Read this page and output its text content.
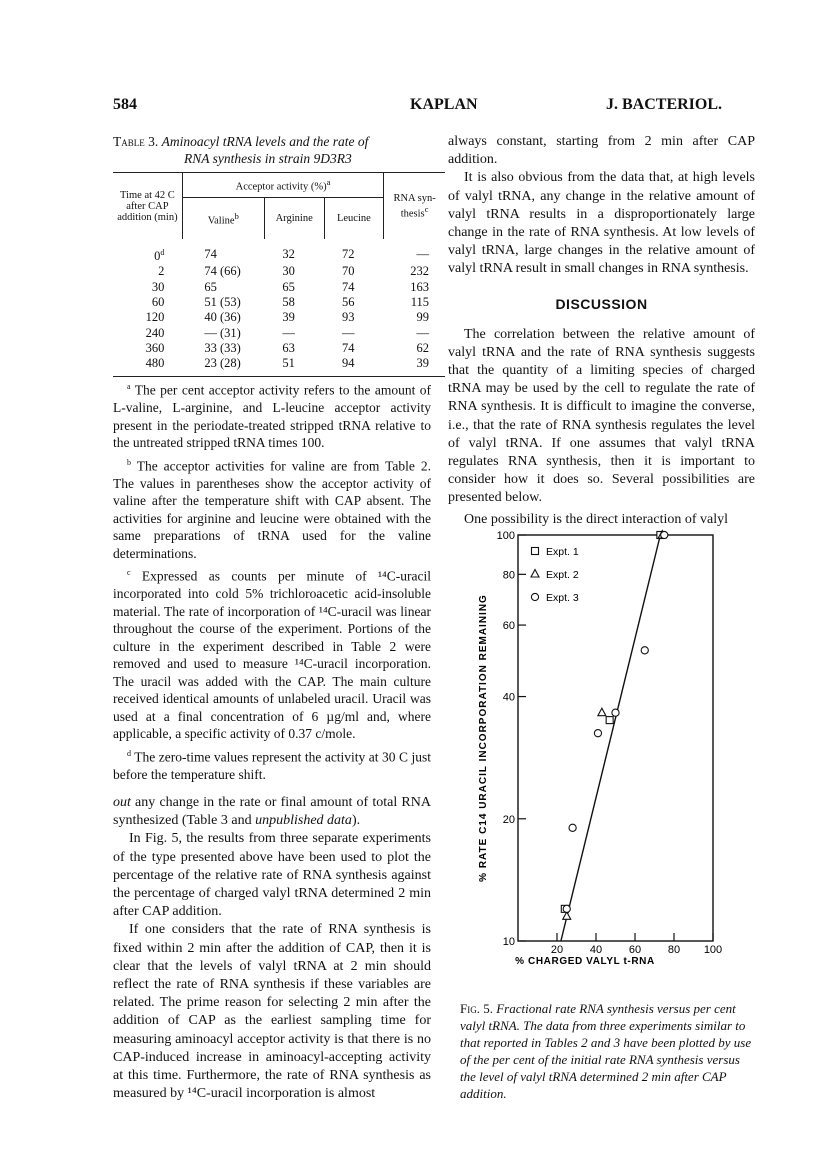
584	KAPLAN	J. BACTERIOL.
Table 3. Aminoacyl tRNA levels and the rate of
RNA synthesis in strain 9D3R3
Time at 42 C after CAP addition (min)	Acceptor activity (%)$^a$			RNA syn-thesis$^c$
	Valine$^b$	Arginine	Leucine	
0$^d$	74	32	72	—
2	74 (66)	30	70	232
30	65	65	74	163
60	51 (53)	58	56	115
120	40 (36)	39	93	99
240	— (31)	—	—	—
360	33 (33)	63	74	62
480	23 (28)	51	94	39

$^a$ The per cent acceptor activity refers to the amount of L-valine, L-arginine, and L-leucine acceptor activity present in the periodate-treated stripped tRNA relative to the untreated stripped tRNA times 100.

$^b$ The acceptor activities for valine are from Table 2. The values in parentheses show the acceptor activity of valine after the temperature shift with CAP absent. The activities for arginine and leucine were obtained with the same preparations of tRNA used for the valine determinations.

$^c$ Expressed as counts per minute of ¹⁴C-uracil incorporated into cold 5% trichloroacetic acid-insoluble material. The rate of incorporation of ¹⁴C-uracil was linear throughout the course of the experiment. Portions of the culture in the experiment described in Table 2 were removed and used to measure ¹⁴C-uracil incorporation. The uracil was added with the CAP. The main culture received identical amounts of unlabeled uracil. Uracil was used at a final concentration of 6 µg/ml and, where applicable, a specific activity of 0.37 c/mole.

$^d$ The zero-time values represent the activity at 30 C just before the temperature shift.

out any change in the rate or final amount of total RNA synthesized (Table 3 and unpublished data).

In Fig. 5, the results from three separate experiments of the type presented above have been used to plot the percentage of the relative rate of RNA synthesis against the percentage of charged valyl tRNA determined 2 min after CAP addition.

If one considers that the rate of RNA synthesis is fixed within 2 min after the addition of CAP, then it is clear that the levels of valyl tRNA at 2 min should reflect the rate of RNA synthesis if these variables are related. The prime reason for selecting 2 min after the addition of CAP as the earliest sampling time for measuring aminoacyl acceptor activity is that there is no CAP-induced increase in aminoacyl-accepting activity at this time. Furthermore, the rate of RNA synthesis as measured by ¹⁴C-uracil incorporation is almost

always constant, starting from 2 min after CAP addition.

It is also obvious from the data that, at high levels of valyl tRNA, any change in the relative amount of valyl tRNA results in a disproportionately large change in the rate of RNA synthesis. At low levels of valyl tRNA, large changes in the relative amount of valyl tRNA result in small changes in RNA synthesis.

DISCUSSION

The correlation between the relative amount of valyl tRNA and the rate of RNA synthesis suggests that the quantity of a limiting species of charged tRNA may be used by the cell to regulate the rate of RNA synthesis. It is difficult to imagine the converse, i.e., that the rate of RNA synthesis regulates the level of valyl tRNA. If one assumes that valyl tRNA regulates RNA synthesis, then it is important to consider how it does so. Several possibilities are presented below.

One possibility is the direct interaction of valyl

10
20
40
60
80
100
20 40 60 80 100
Expt. 1
Expt. 2
Expt. 3
% RATE C14 URACIL INCORPORATION REMAINING
% CHARGED VALYL t-RNA
Fig. 5. Fractional rate RNA synthesis versus per cent valyl tRNA. The data from three experiments similar to that reported in Tables 2 and 3 have been plotted by use of the per cent of the initial rate RNA synthesis versus the level of valyl tRNA determined 2 min after CAP addition.
